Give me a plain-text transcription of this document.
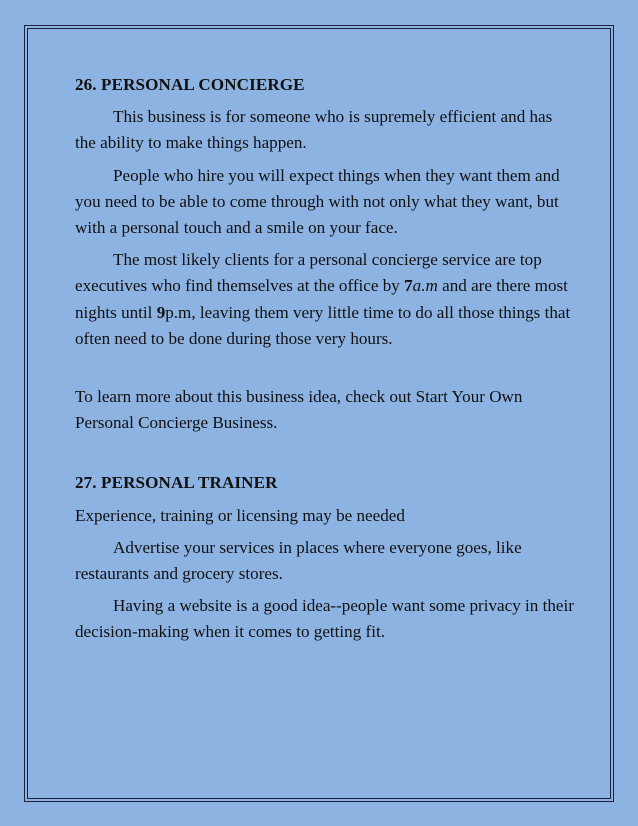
26. PERSONAL CONCIERGE

This business is for someone who is supremely efficient and has the ability to make things happen.

People who hire you will expect things when they want them and you need to be able to come through with not only what they want, but with a personal touch and a smile on your face.

The most likely clients for a personal concierge service are top executives who find themselves at the office by 7a.m and are there most nights until 9p.m, leaving them very little time to do all those things that often need to be done during those very hours.

To learn more about this business idea, check out Start Your Own Personal Concierge Business.

27. PERSONAL TRAINER

Experience, training or licensing may be needed

Advertise your services in places where everyone goes, like restaurants and grocery stores.

Having a website is a good idea--people want some privacy in their decision-making when it comes to getting fit.
